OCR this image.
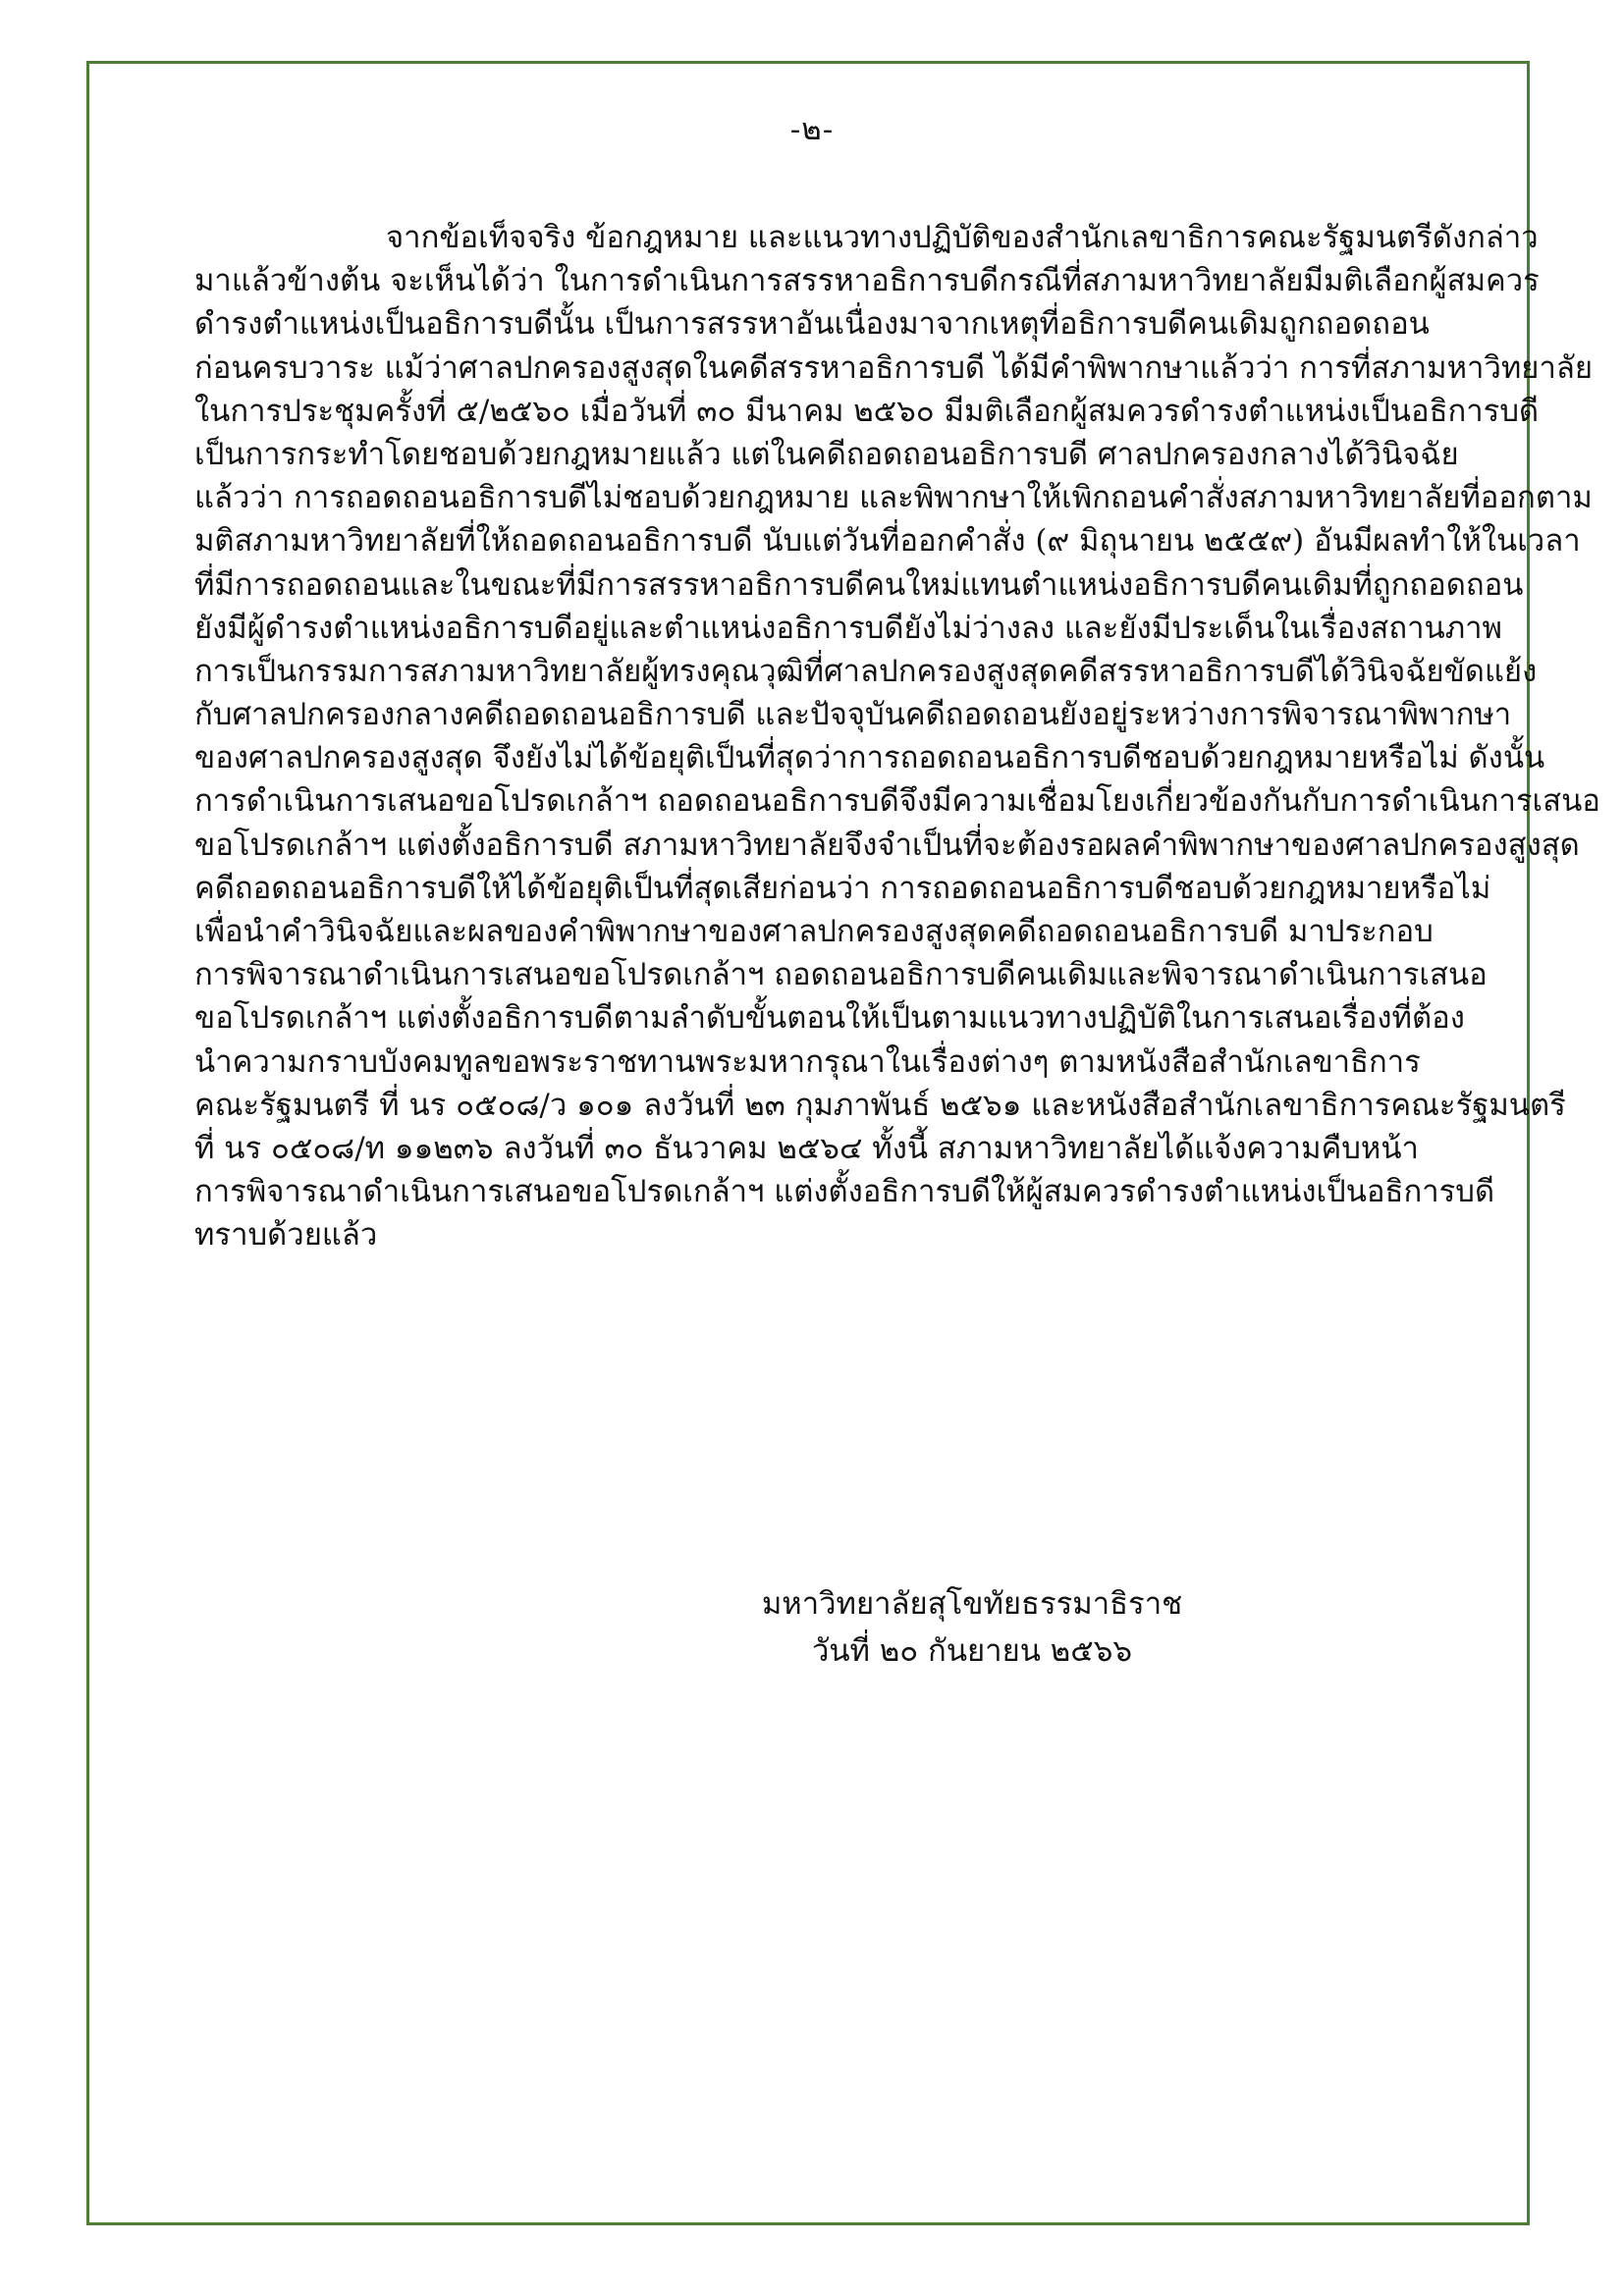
-๒-
จากข้อเท็จจริง ข้อกฎหมาย และแนวทางปฏิบัติของสำนักเลขาธิการคณะรัฐมนตรีดังกล่าว
มาแล้วข้างต้น จะเห็นได้ว่า ในการดำเนินการสรรหาอธิการบดีกรณีที่สภามหาวิทยาลัยมีมติเลือกผู้สมควร
ดำรงตำแหน่งเป็นอธิการบดีนั้น เป็นการสรรหาอันเนื่องมาจากเหตุที่อธิการบดีคนเดิมถูกถอดถอน
ก่อนครบวาระ แม้ว่าศาลปกครองสูงสุดในคดีสรรหาอธิการบดี ได้มีคำพิพากษาแล้วว่า การที่สภามหาวิทยาลัย
ในการประชุมครั้งที่ ๕/๒๕๖๐ เมื่อวันที่ ๓๐ มีนาคม ๒๕๖๐ มีมติเลือกผู้สมควรดำรงตำแหน่งเป็นอธิการบดี
เป็นการกระทำโดยชอบด้วยกฎหมายแล้ว แต่ในคดีถอดถอนอธิการบดี ศาลปกครองกลางได้วินิจฉัย
แล้วว่า การถอดถอนอธิการบดีไม่ชอบด้วยกฎหมาย และพิพากษาให้เพิกถอนคำสั่งสภามหาวิทยาลัยที่ออกตาม
มติสภามหาวิทยาลัยที่ให้ถอดถอนอธิการบดี นับแต่วันที่ออกคำสั่ง (๙ มิถุนายน ๒๕๕๙) อันมีผลทำให้ในเวลา
ที่มีการถอดถอนและในขณะที่มีการสรรหาอธิการบดีคนใหม่แทนตำแหน่งอธิการบดีคนเดิมที่ถูกถอดถอน
ยังมีผู้ดำรงตำแหน่งอธิการบดีอยู่และตำแหน่งอธิการบดียังไม่ว่างลง และยังมีประเด็นในเรื่องสถานภาพ
การเป็นกรรมการสภามหาวิทยาลัยผู้ทรงคุณวุฒิที่ศาลปกครองสูงสุดคดีสรรหาอธิการบดีได้วินิจฉัยขัดแย้ง
กับศาลปกครองกลางคดีถอดถอนอธิการบดี และปัจจุบันคดีถอดถอนยังอยู่ระหว่างการพิจารณาพิพากษา
ของศาลปกครองสูงสุด จึงยังไม่ได้ข้อยุติเป็นที่สุดว่าการถอดถอนอธิการบดีชอบด้วยกฎหมายหรือไม่ ดังนั้น
การดำเนินการเสนอขอโปรดเกล้าฯ ถอดถอนอธิการบดีจึงมีความเชื่อมโยงเกี่ยวข้องกันกับการดำเนินการเสนอ
ขอโปรดเกล้าฯ แต่งตั้งอธิการบดี สภามหาวิทยาลัยจึงจำเป็นที่จะต้องรอผลคำพิพากษาของศาลปกครองสูงสุด
คดีถอดถอนอธิการบดีให้ได้ข้อยุติเป็นที่สุดเสียก่อนว่า การถอดถอนอธิการบดีชอบด้วยกฎหมายหรือไม่
เพื่อนำคำวินิจฉัยและผลของคำพิพากษาของศาลปกครองสูงสุดคดีถอดถอนอธิการบดี มาประกอบ
การพิจารณาดำเนินการเสนอขอโปรดเกล้าฯ ถอดถอนอธิการบดีคนเดิมและพิจารณาดำเนินการเสนอ
ขอโปรดเกล้าฯ แต่งตั้งอธิการบดีตามลำดับขั้นตอนให้เป็นตามแนวทางปฏิบัติในการเสนอเรื่องที่ต้อง
นำความกราบบังคมทูลขอพระราชทานพระมหากรุณาในเรื่องต่างๆ ตามหนังสือสำนักเลขาธิการ
คณะรัฐมนตรี ที่ นร ๐๕๐๘/ว ๑๐๑ ลงวันที่ ๒๓ กุมภาพันธ์ ๒๕๖๑ และหนังสือสำนักเลขาธิการคณะรัฐมนตรี
ที่ นร ๐๕๐๘/ท ๑๑๒๓๖ ลงวันที่ ๓๐ ธันวาคม ๒๕๖๔ ทั้งนี้ สภามหาวิทยาลัยได้แจ้งความคืบหน้า
การพิจารณาดำเนินการเสนอขอโปรดเกล้าฯ แต่งตั้งอธิการบดีให้ผู้สมควรดำรงตำแหน่งเป็นอธิการบดี
ทราบด้วยแล้ว
มหาวิทยาลัยสุโขทัยธรรมาธิราช
วันที่ ๒๐ กันยายน ๒๕๖๖
